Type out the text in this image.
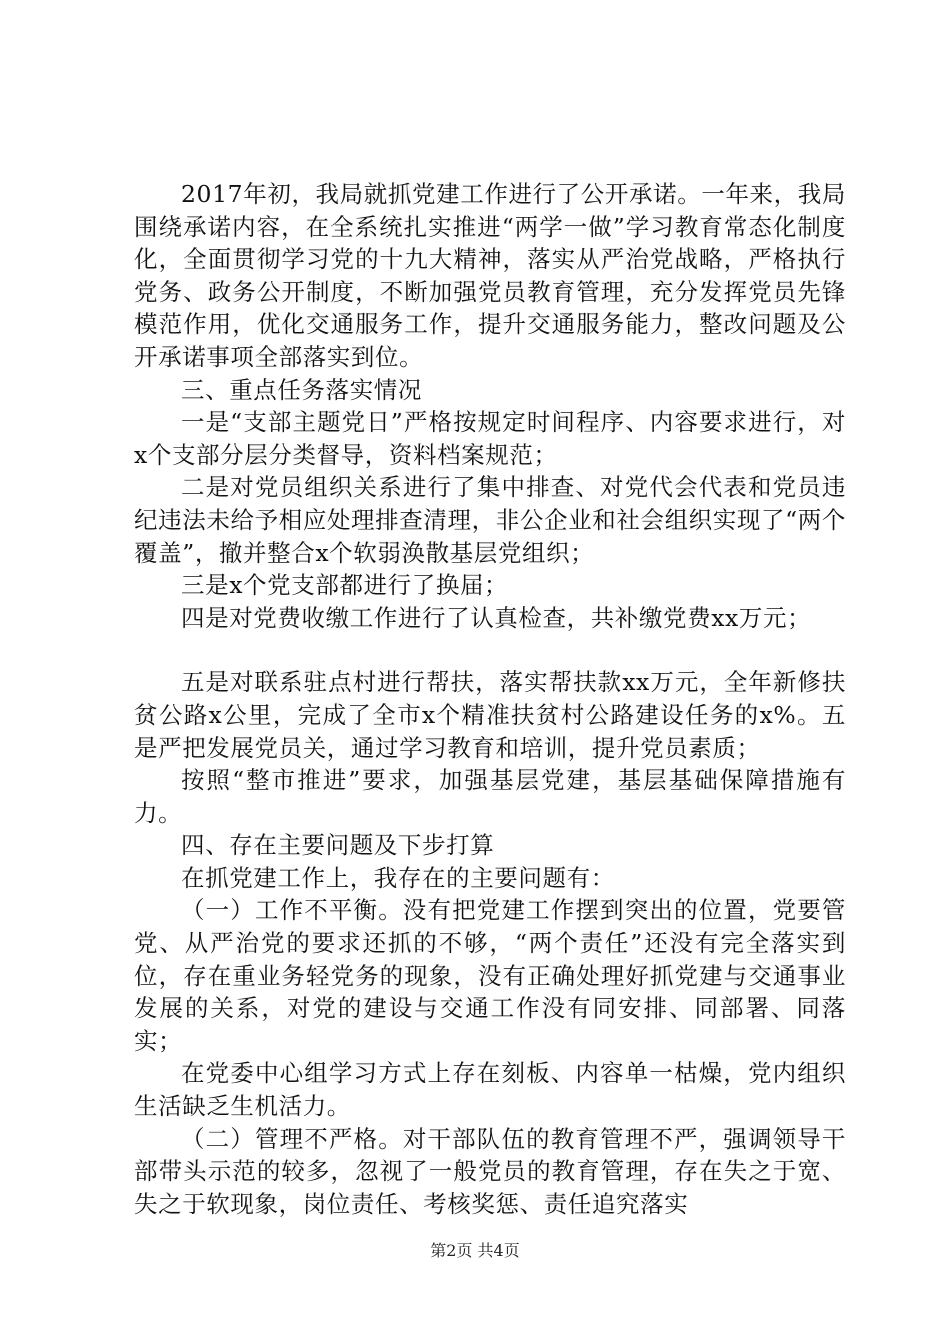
2017年初，我局就抓党建工作进行了公开承诺。一年来，我局围绕承诺内容，在全系统扎实推进“两学一做”学习教育常态化制度化，全面贯彻学习党的十九大精神，落实从严治党战略，严格执行党务、政务公开制度，不断加强党员教育管理，充分发挥党员先锋模范作用，优化交通服务工作，提升交通服务能力，整改问题及公开承诺事项全部落实到位。

三、重点任务落实情况

一是“支部主题党日”严格按规定时间程序、内容要求进行，对x个支部分层分类督导，资料档案规范；

二是对党员组织关系进行了集中排查、对党代会代表和党员违纪违法未给予相应处理排查清理，非公企业和社会组织实现了“两个覆盖”，撤并整合x个软弱涣散基层党组织；

三是x个党支部都进行了换届；

四是对党费收缴工作进行了认真检查，共补缴党费xx万元；

五是对联系驻点村进行帮扶，落实帮扶款xx万元，全年新修扶贫公路x公里，完成了全市x个精准扶贫村公路建设任务的x%。五是严把发展党员关，通过学习教育和培训，提升党员素质；

按照“整市推进”要求，加强基层党建，基层基础保障措施有力。

四、存在主要问题及下步打算

在抓党建工作上，我存在的主要问题有：

（一）工作不平衡。没有把党建工作摆到突出的位置，党要管党、从严治党的要求还抓的不够，“两个责任”还没有完全落实到位，存在重业务轻党务的现象，没有正确处理好抓党建与交通事业发展的关系，对党的建设与交通工作没有同安排、同部署、同落实；

在党委中心组学习方式上存在刻板、内容单一枯燥，党内组织生活缺乏生机活力。

（二）管理不严格。对干部队伍的教育管理不严，强调领导干部带头示范的较多，忽视了一般党员的教育管理，存在失之于宽、失之于软现象，岗位责任、考核奖惩、责任追究落实

第2页 共4页
